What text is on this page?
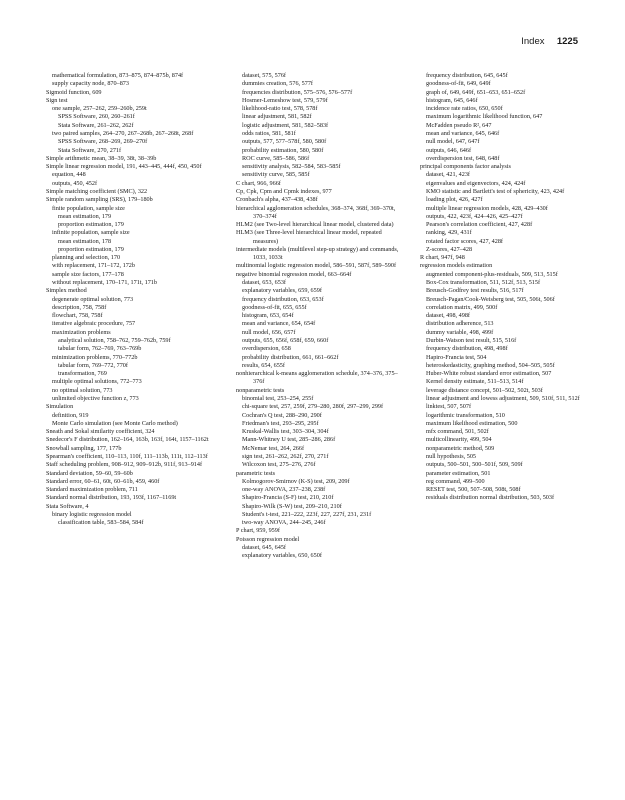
Index 1225
mathematical formulation, 873–875, 874–875b, 874f
supply capacity node, 870–873
Sigmoid function, 609
Sign test
one sample, 257–262, 259–260b, 259t
SPSS Software, 260, 260–261f
Stata Software, 261–262, 262f
two paired samples, 264–270, 267–268b, 267–268t, 268f
SPSS Software, 268–269, 269–270f
Stata Software, 270, 271f
Simple arithmetic mean, 38–39, 38t, 38–39b
Simple linear regression model, 191, 443–445, 444f, 450, 450f
equation, 448
outputs, 450, 452f
Simple matching coefficient (SMC), 322
Simple random sampling (SRS), 179–180b
finite population, sample size
mean estimation, 179
proportion estimation, 179
infinite population, sample size
mean estimation, 178
proportion estimation, 179
planning and selection, 170
with replacement, 171–172, 172b
sample size factors, 177–178
without replacement, 170–171, 171t, 171b
Simplex method
degenerate optimal solution, 773
description, 758, 758f
flowchart, 758, 758f
iterative algebraic procedure, 757
maximization problems
analytical solution, 758–762, 759–762b, 759f
tabular form, 762–769, 763–769b
minimization problems, 770–772b
tabular form, 769–772, 770f
transformation, 769
multiple optimal solutions, 772–773
no optimal solution, 773
unlimited objective function z, 773
Simulation
definition, 919
Monte Carlo simulation (see Monte Carlo method)
Sneath and Sokal similarity coefficient, 324
Snedecor's F distribution, 162–164, 163b, 163f, 164t, 1157–1162t
Snowball sampling, 177, 177b
Spearman's coefficient, 110–113, 110f, 111–113b, 111t, 112–113f
Staff scheduling problem, 908–912, 909–912b, 911f, 913–914f
Standard deviation, 59–60, 59–60b
Standard error, 60–61, 60t, 60–61b, 459, 460f
Standard maximization problem, 711
Standard normal distribution, 193, 193f, 1167–1169t
Stata Software, 4
binary logistic regression model
classification table, 583–584, 584f
dataset, 575, 576f
dummies creation, 576, 577f
frequencies distribution, 575–576, 576–577f
Hosmer-Lemeshow test, 579, 579f
likelihood-ratio test, 578, 578f
linear adjustment, 581, 582f
logistic adjustment, 581, 582–583f
odds ratios, 581, 581f
outputs, 577, 577–578f, 580, 580f
probability estimation, 580, 580f
ROC curve, 585–586, 586f
sensitivity analysis, 582–584, 583–585f
sensitivity curve, 585, 585f
C chart, 966, 966f
Cp, Cpk, Cpm and Cpmk indexes, 977
Cronbach's alpha, 437–438, 438f
hierarchical agglomeration schedules, 368–374, 368f, 369–370t, 370–374f
HLM2 (see Two-level hierarchical linear model, clustered data)
HLM3 (see Three-level hierarchical linear model, repeated measures)
intermediate models (multilevel step-up strategy) and commands, 1033, 1033t
multinomial logistic regression model, 586–591, 587f, 589–590f
negative binomial regression model, 663–664f
dataset, 653, 653f
explanatory variables, 659, 659f
frequency distribution, 653, 653f
goodness-of-fit, 655, 655f
histogram, 653, 654f
mean and variance, 654, 654f
null model, 656, 657f
outputs, 655, 656f, 658f, 659, 660f
overdispersion, 658
probability distribution, 661, 661–662f
results, 654, 655f
nonhierarchical k-means agglomeration schedule, 374–376, 375–376f
nonparametric tests
binomial test, 253–254, 255f
chi-square test, 257, 259f, 279–280, 280f, 297–299, 299f
Cochran's Q test, 288–290, 290f
Friedman's test, 293–295, 295f
Kruskal-Wallis test, 303–304, 304f
Mann-Whitney U test, 285–286, 286f
McNemar test, 264, 266f
sign test, 261–262, 262f, 270, 271f
Wilcoxon test, 275–276, 276f
parametric tests
Kolmogorov-Smirnov (K-S) test, 209, 209f
one-way ANOVA, 237–238, 238f
Shapiro-Francia (S-F) test, 210, 210f
Shapiro-Wilk (S-W) test, 209–210, 210f
Student's t-test, 221–222, 223f, 227, 227f, 231, 231f
two-way ANOVA, 244–245, 246f
P chart, 959, 959f
Poisson regression model
dataset, 645, 645f
explanatory variables, 650, 650f
frequency distribution, 645, 645f
goodness-of-fit, 649, 649f
graph of, 649, 649f, 651–653, 651–652f
histogram, 645, 646f
incidence rate ratios, 650, 650f
maximum logarithmic likelihood function, 647
McFadden pseudo R², 647
mean and variance, 645, 646f
null model, 647, 647f
outputs, 646, 646f
overdispersion test, 648, 648f
principal components factor analysis
dataset, 421, 423f
eigenvalues and eigenvectors, 424, 424f
KMO statistic and Bartlett's test of sphericity, 423, 424f
loading plot, 426, 427f
multiple linear regression models, 428, 429–430f
outputs, 422, 423f, 424–426, 425–427f
Pearson's correlation coefficient, 427, 428f
ranking, 429, 431f
rotated factor scores, 427, 428f
Z-scores, 427–428
R chart, 947f, 948
regression models estimation
augmented component-plus-residuals, 509, 513, 515f
Box-Cox transformation, 511, 512f, 513, 515f
Breusch-Godfrey test results, 516, 517f
Breusch-Pagan/Cook-Weisberg test, 505, 506t, 506f
correlation matrix, 499, 500f
dataset, 498, 498f
distribution adherence, 513
dummy variable, 498, 499f
Durbin-Watson test result, 515, 516f
frequency distribution, 498, 498f
Hapiro-Francia test, 504
heteroskedasticity, graphing method, 504–505, 505f
Huber-White robust standard error estimation, 507
Kernel density estimate, 511–513, 514f
leverage distance concept, 501–502, 502t, 503f
linear adjustment and lowess adjustment, 509, 510f, 511, 512f
linktest, 507, 507f
logarithmic transformation, 510
maximum likelihood estimation, 500
mfx command, 501, 502f
multicollinearity, 499, 504
nonparametric method, 509
null hypothesis, 505
outputs, 500–501, 500–501f, 509, 509f
parameter estimation, 501
reg command, 499–500
RESET test, 500, 507–508, 508t, 508f
residuals distribution normal distribution, 503, 503f
